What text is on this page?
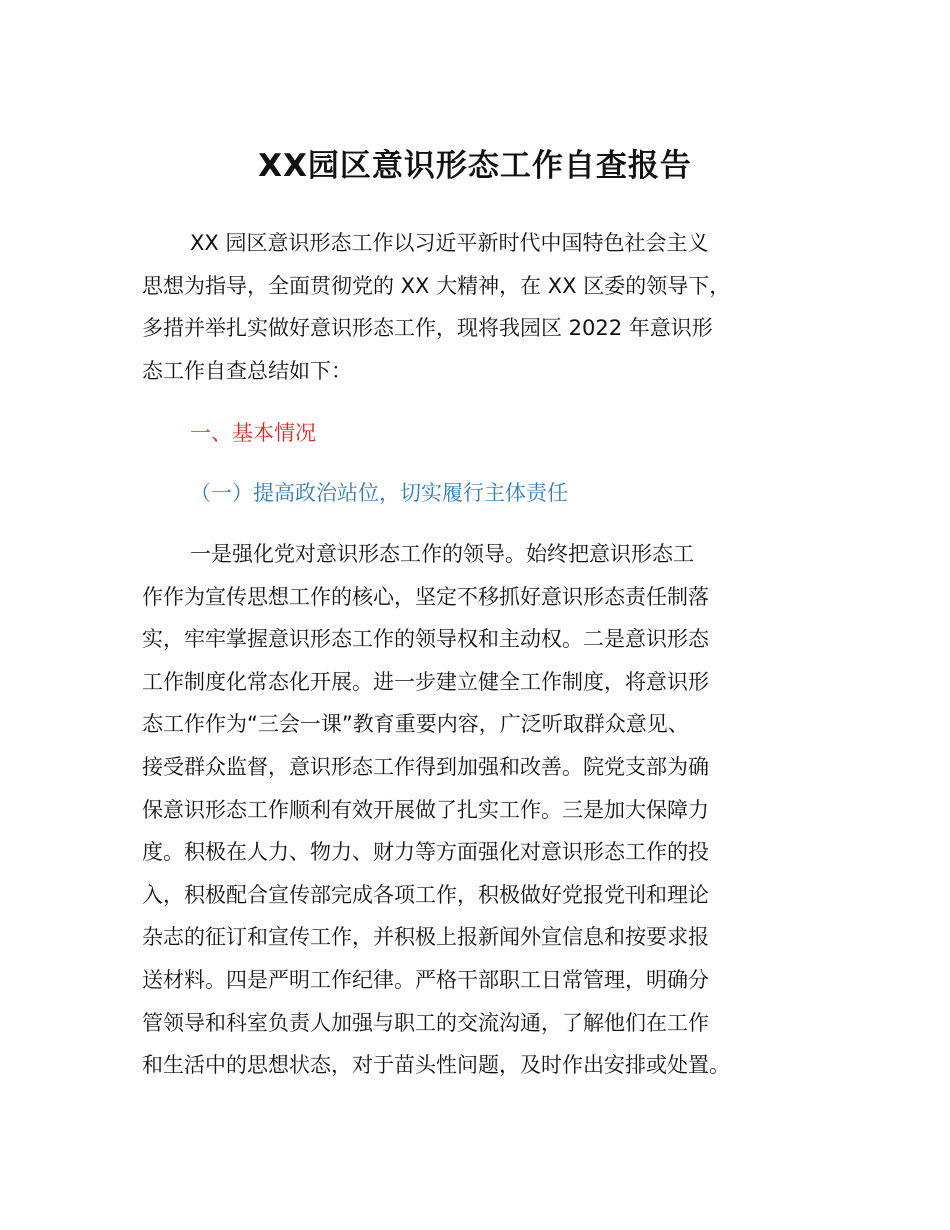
XX园区意识形态工作自查报告
XX 园区意识形态工作以习近平新时代中国特色社会主义
思想为指导，全面贯彻党的 XX 大精神，在 XX 区委的领导下，
多措并举扎实做好意识形态工作，现将我园区 2022 年意识形
态工作自查总结如下：
一、基本情况
（一）提高政治站位，切实履行主体责任
一是强化党对意识形态工作的领导。始终把意识形态工
作作为宣传思想工作的核心，坚定不移抓好意识形态责任制落
实，牢牢掌握意识形态工作的领导权和主动权。二是意识形态
工作制度化常态化开展。进一步建立健全工作制度，将意识形
态工作作为“三会一课”教育重要内容，广泛听取群众意见、
接受群众监督，意识形态工作得到加强和改善。院党支部为确
保意识形态工作顺利有效开展做了扎实工作。三是加大保障力
度。积极在人力、物力、财力等方面强化对意识形态工作的投
入，积极配合宣传部完成各项工作，积极做好党报党刊和理论
杂志的征订和宣传工作，并积极上报新闻外宣信息和按要求报
送材料。四是严明工作纪律。严格干部职工日常管理，明确分
管领导和科室负责人加强与职工的交流沟通，了解他们在工作
和生活中的思想状态，对于苗头性问题，及时作出安排或处置。
